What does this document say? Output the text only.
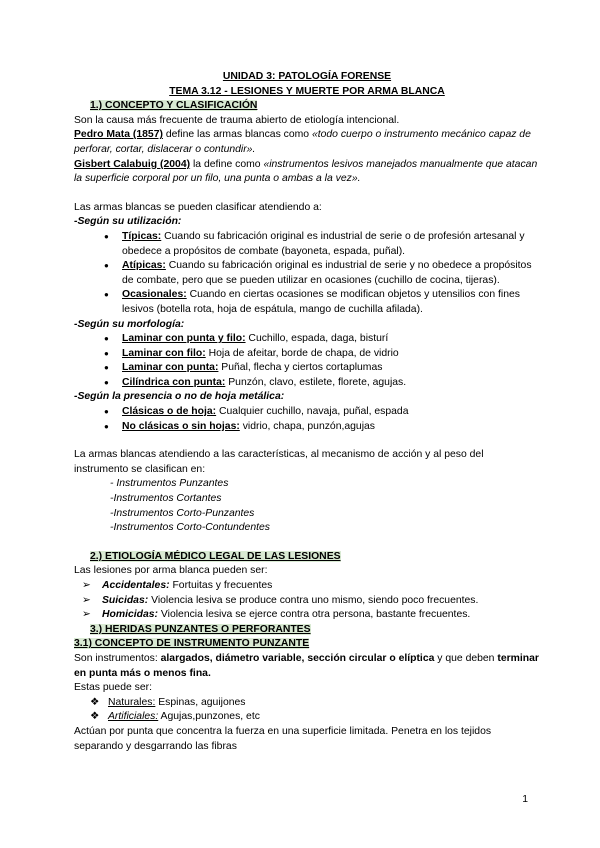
UNIDAD 3: PATOLOGÍA FORENSE

TEMA 3.12 - LESIONES Y MUERTE POR ARMA BLANCA

1.) CONCEPTO Y CLASIFICACIÓN

Son la causa más frecuente de trauma abierto de etiología intencional.

Pedro Mata (1857) define las armas blancas como «todo cuerpo o instrumento mecánico capaz de perforar, cortar, dislacerar o contundir».

Gisbert Calabuig (2004) la define como «instrumentos lesivos manejados manualmente que atacan la superficie corporal por un filo, una punta o ambas a la vez».

Las armas blancas se pueden clasificar atendiendo a:

-Según su utilización:

● Típicas: Cuando su fabricación original es industrial de serie o de profesión artesanal y obedece a propósitos de combate (bayoneta, espada, puñal).
● Atípicas: Cuando su fabricación original es industrial de serie y no obedece a propósitos de combate, pero que se pueden utilizar en ocasiones (cuchillo de cocina, tijeras).
● Ocasionales: Cuando en ciertas ocasiones se modifican objetos y utensilios con fines lesivos (botella rota, hoja de espátula, mango de cuchilla afilada).

-Según su morfología:

● Laminar con punta y filo: Cuchillo, espada, daga, bisturí
● Laminar con filo: Hoja de afeitar, borde de chapa, de vidrio
● Laminar con punta: Puñal, flecha y ciertos cortaplumas
● Cilíndrica con punta: Punzón, clavo, estilete, florete, agujas.

-Según la presencia o no de hoja metálica:

● Clásicas o de hoja: Cualquier cuchillo, navaja, puñal, espada
● No clásicas o sin hojas: vidrio, chapa, punzón,agujas

La armas blancas atendiendo a las características, al mecanismo de acción y al peso del instrumento se clasifican en:

- Instrumentos Punzantes
-Instrumentos Cortantes
-Instrumentos Corto-Punzantes
-Instrumentos Corto-Contundentes

2.) ETIOLOGÍA MÉDICO LEGAL DE LAS LESIONES

Las lesiones por arma blanca pueden ser:

➢ Accidentales: Fortuitas y frecuentes
➢ Suicidas: Violencia lesiva se produce contra uno mismo, siendo poco frecuentes.
➢ Homicidas: Violencia lesiva se ejerce contra otra persona, bastante frecuentes.

3.) HERIDAS PUNZANTES O PERFORANTES

3.1) CONCEPTO DE INSTRUMENTO PUNZANTE

Son instrumentos: alargados, diámetro variable, sección circular o elíptica y que deben terminar en punta más o menos fina.

Estas puede ser:

❖ Naturales: Espinas, aguijones
❖ Artificiales: Agujas,punzones, etc

Actúan por punta que concentra la fuerza en una superficie limitada. Penetra en los tejidos separando y desgarrando las fibras

1
